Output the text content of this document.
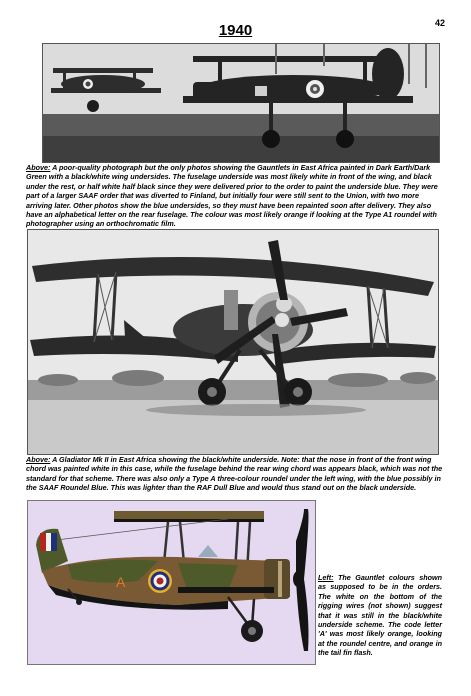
1940	42

Above: A poor-quality photograph but the only photos showing the Gauntlets in East Africa painted in Dark Earth/Dark Green with a black/white wing undersides. The fuselage underside was most likely white in front of the wing, and black under the rest, or half white half black since they were delivered prior to the order to paint the underside blue. They were part of a larger SAAF order that was diverted to Finland, but initially four were still sent to the Union, with two more arriving later. Other photos show the blue undersides, so they must have been repainted soon after delivery. They also have an alphabetical letter on the rear fuselage. The colour was most likely orange if looking at the Type A1 roundel with photographer using an orthochromatic film.

Above: A Gladiator Mk II in East Africa showing the black/white underside. Note: that the nose in front of the front wing chord was painted white in this case, while the fuselage behind the rear wing chord was appears black, which was not the standard for that scheme. There was also only a Type A three-colour roundel under the left wing, with the blue possibly in the SAAF Roundel Blue. This was lighter than the RAF Dull Blue and would thus stand out on the black underside.

A	Left: The Gauntlet colours shown as supposed to be in the orders. The white on the bottom of the rigging wires (not shown) suggest that it was still in the black/white underside scheme. The code letter 'A' was most likely orange, looking at the roundel centre, and orange in the tail fin flash.
